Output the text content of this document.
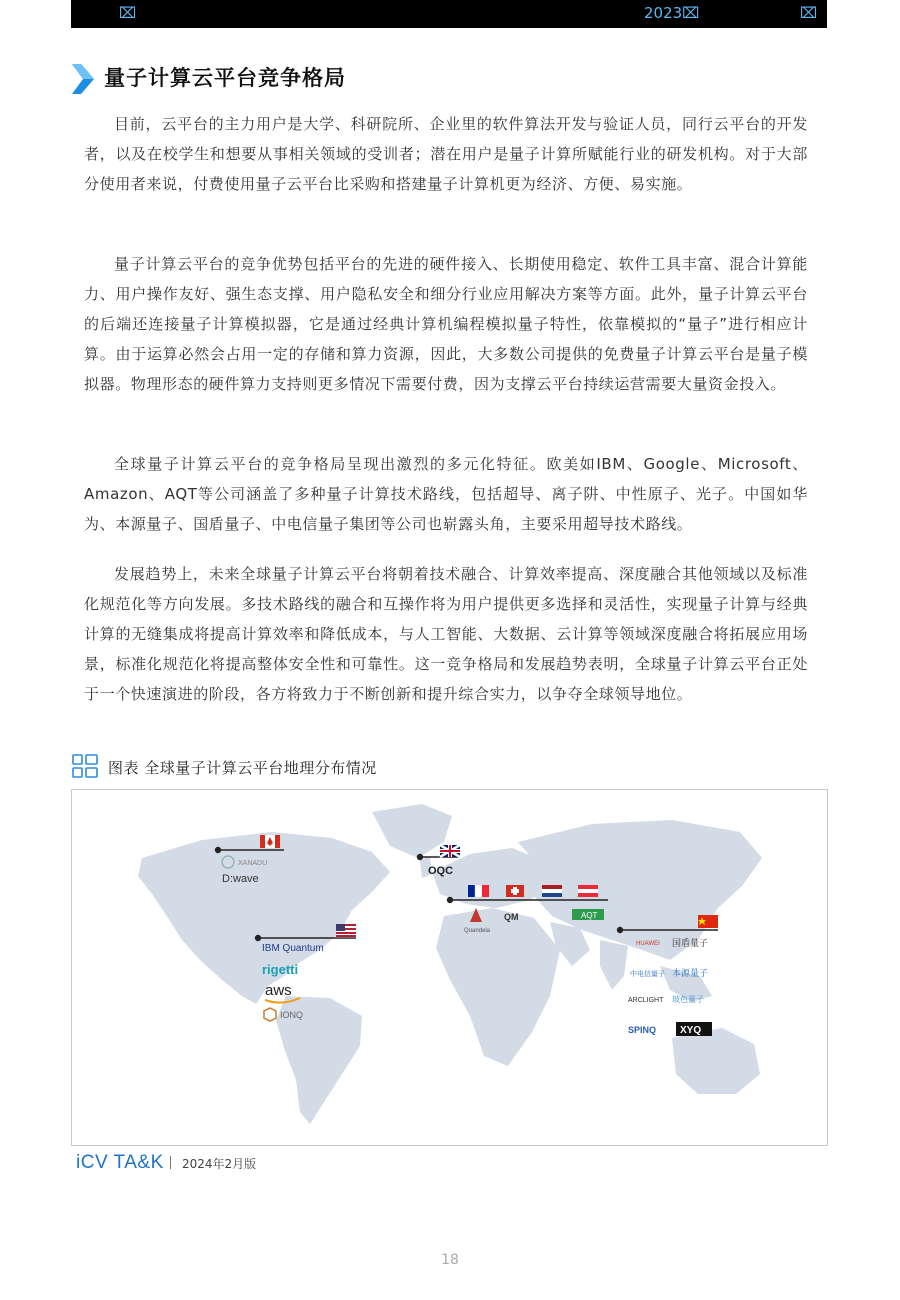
⌧	2023⌧	⌧
量子计算云平台竞争格局

目前，云平台的主力用户是大学、科研院所、企业里的软件算法开发与验证人员，同行云平台的开发者，以及在校学生和想要从事相关领域的受训者；潜在用户是量子计算所赋能行业的研发机构。对于大部分使用者来说，付费使用量子云平台比采购和搭建量子计算机更为经济、方便、易实施。

量子计算云平台的竞争优势包括平台的先进的硬件接入、长期使用稳定、软件工具丰富、混合计算能力、用户操作友好、强生态支撑、用户隐私安全和细分行业应用解决方案等方面。此外，量子计算云平台的后端还连接量子计算模拟器，它是通过经典计算机编程模拟量子特性，依靠模拟的“量子”进行相应计算。由于运算必然会占用一定的存储和算力资源，因此，大多数公司提供的免费量子计算云平台是量子模拟器。物理形态的硬件算力支持则更多情况下需要付费，因为支撑云平台持续运营需要大量资金投入。

全球量子计算云平台的竞争格局呈现出激烈的多元化特征。欧美如IBM、Google、Microsoft、Amazon、AQT等公司涵盖了多种量子计算技术路线，包括超导、离子阱、中性原子、光子。中国如华为、本源量子、国盾量子、中电信量子集团等公司也崭露头角，主要采用超导技术路线。

发展趋势上，未来全球量子计算云平台将朝着技术融合、计算效率提高、深度融合其他领域以及标准化规范化等方向发展。多技术路线的融合和互操作将为用户提供更多选择和灵活性，实现量子计算与经典计算的无缝集成将提高计算效率和降低成本，与人工智能、大数据、云计算等领域深度融合将拓展应用场景，标准化规范化将提高整体安全性和可靠性。这一竞争格局和发展趋势表明，全球量子计算云平台正处于一个快速演进的阶段，各方将致力于不断创新和提升综合实力，以争夺全球领导地位。

图表 全球量子计算云平台地理分布情况
XANADU
D:wave
OQC
Quandela
QM	AQT
IBM Quantum
rigetti
aws
IONQ
HUAWEI 国盾量子
中电信量子 本源量子
ARCLIGHT 玻色量子
SPINQ XYQ
iCV TA&K 2024年2月版
18
